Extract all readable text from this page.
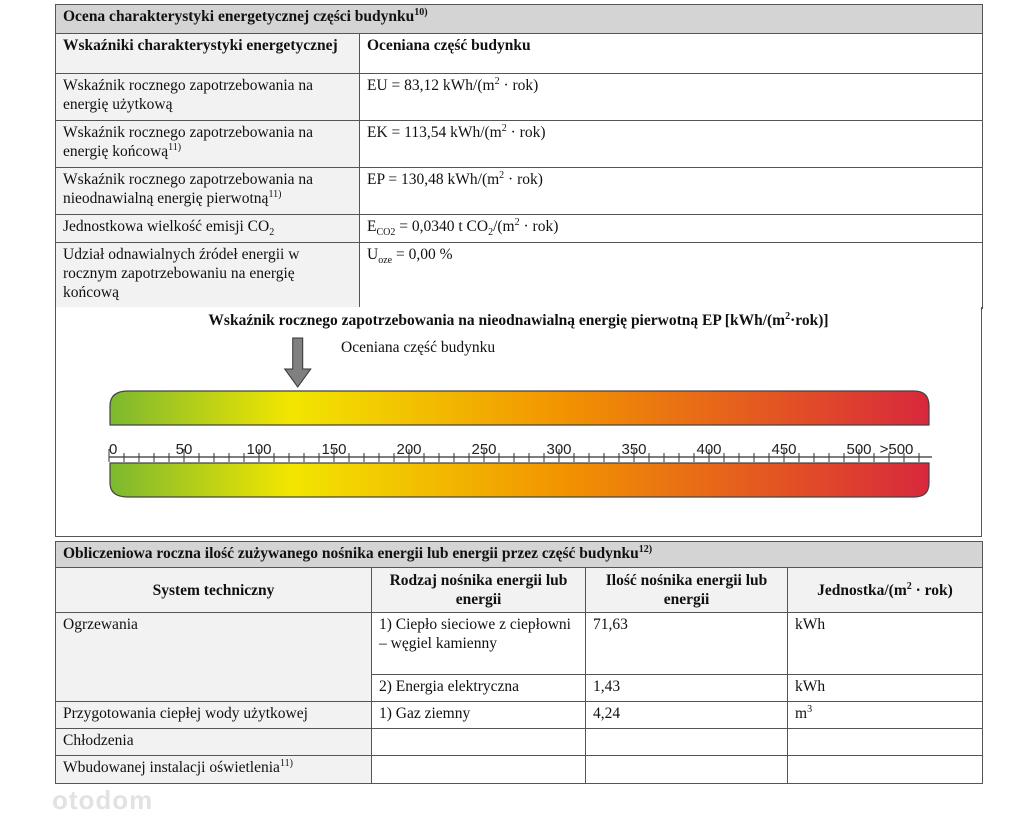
Ocena charakterystyki energetycznej części budynku$^{10)}$
Wskaźniki charakterystyki energetycznej	Oceniana część budynku
Wskaźnik rocznego zapotrzebowania na energię użytkową	EU = 83,12 kWh/$(m^2 \cdot rok)$
Wskaźnik rocznego zapotrzebowania na energię końcową$^{11)}$	EK = 113,54 kWh/$(m^2 \cdot rok)$
Wskaźnik rocznego zapotrzebowania na nieodnawialną energię pierwotną$^{11)}$	EP = 130,48 kWh/$(m^2 \cdot rok)$
Jednostkowa wielkość emisji $CO_2$	$E_{CO2} = 0,0340$ t $CO_2/(m^2 \cdot rok)$
Udział odnawialnych źródeł energii w rocznym zapotrzebowaniu na energię końcową	$U_{oze} = 0,00$ %
Wskaźnik rocznego zapotrzebowania na nieodnawialną energię pierwotną EP $[kWh/(m^2\cdot rok)]$
Oceniana część budynku
0	50	100	150	200	250	300	350	400	450	500 >500
Obliczeniowa roczna ilość zużywanego nośnika energii lub energii przez część budynku$^{12)}$
System techniczny	Rodzaj nośnika energii lub energii	Ilość nośnika energii lub energii	Jednostka/$(m^2 \cdot rok)$
Ogrzewania	1) Ciepło sieciowe z ciepłowni – węgiel kamienny	71,63	kWh
	2) Energia elektryczna	1,43	kWh
Przygotowania ciepłej wody użytkowej	1) Gaz ziemny	4,24	$m^3$
Chłodzenia			
Wbudowanej instalacji oświetlenia$^{11)}$			
otodom
